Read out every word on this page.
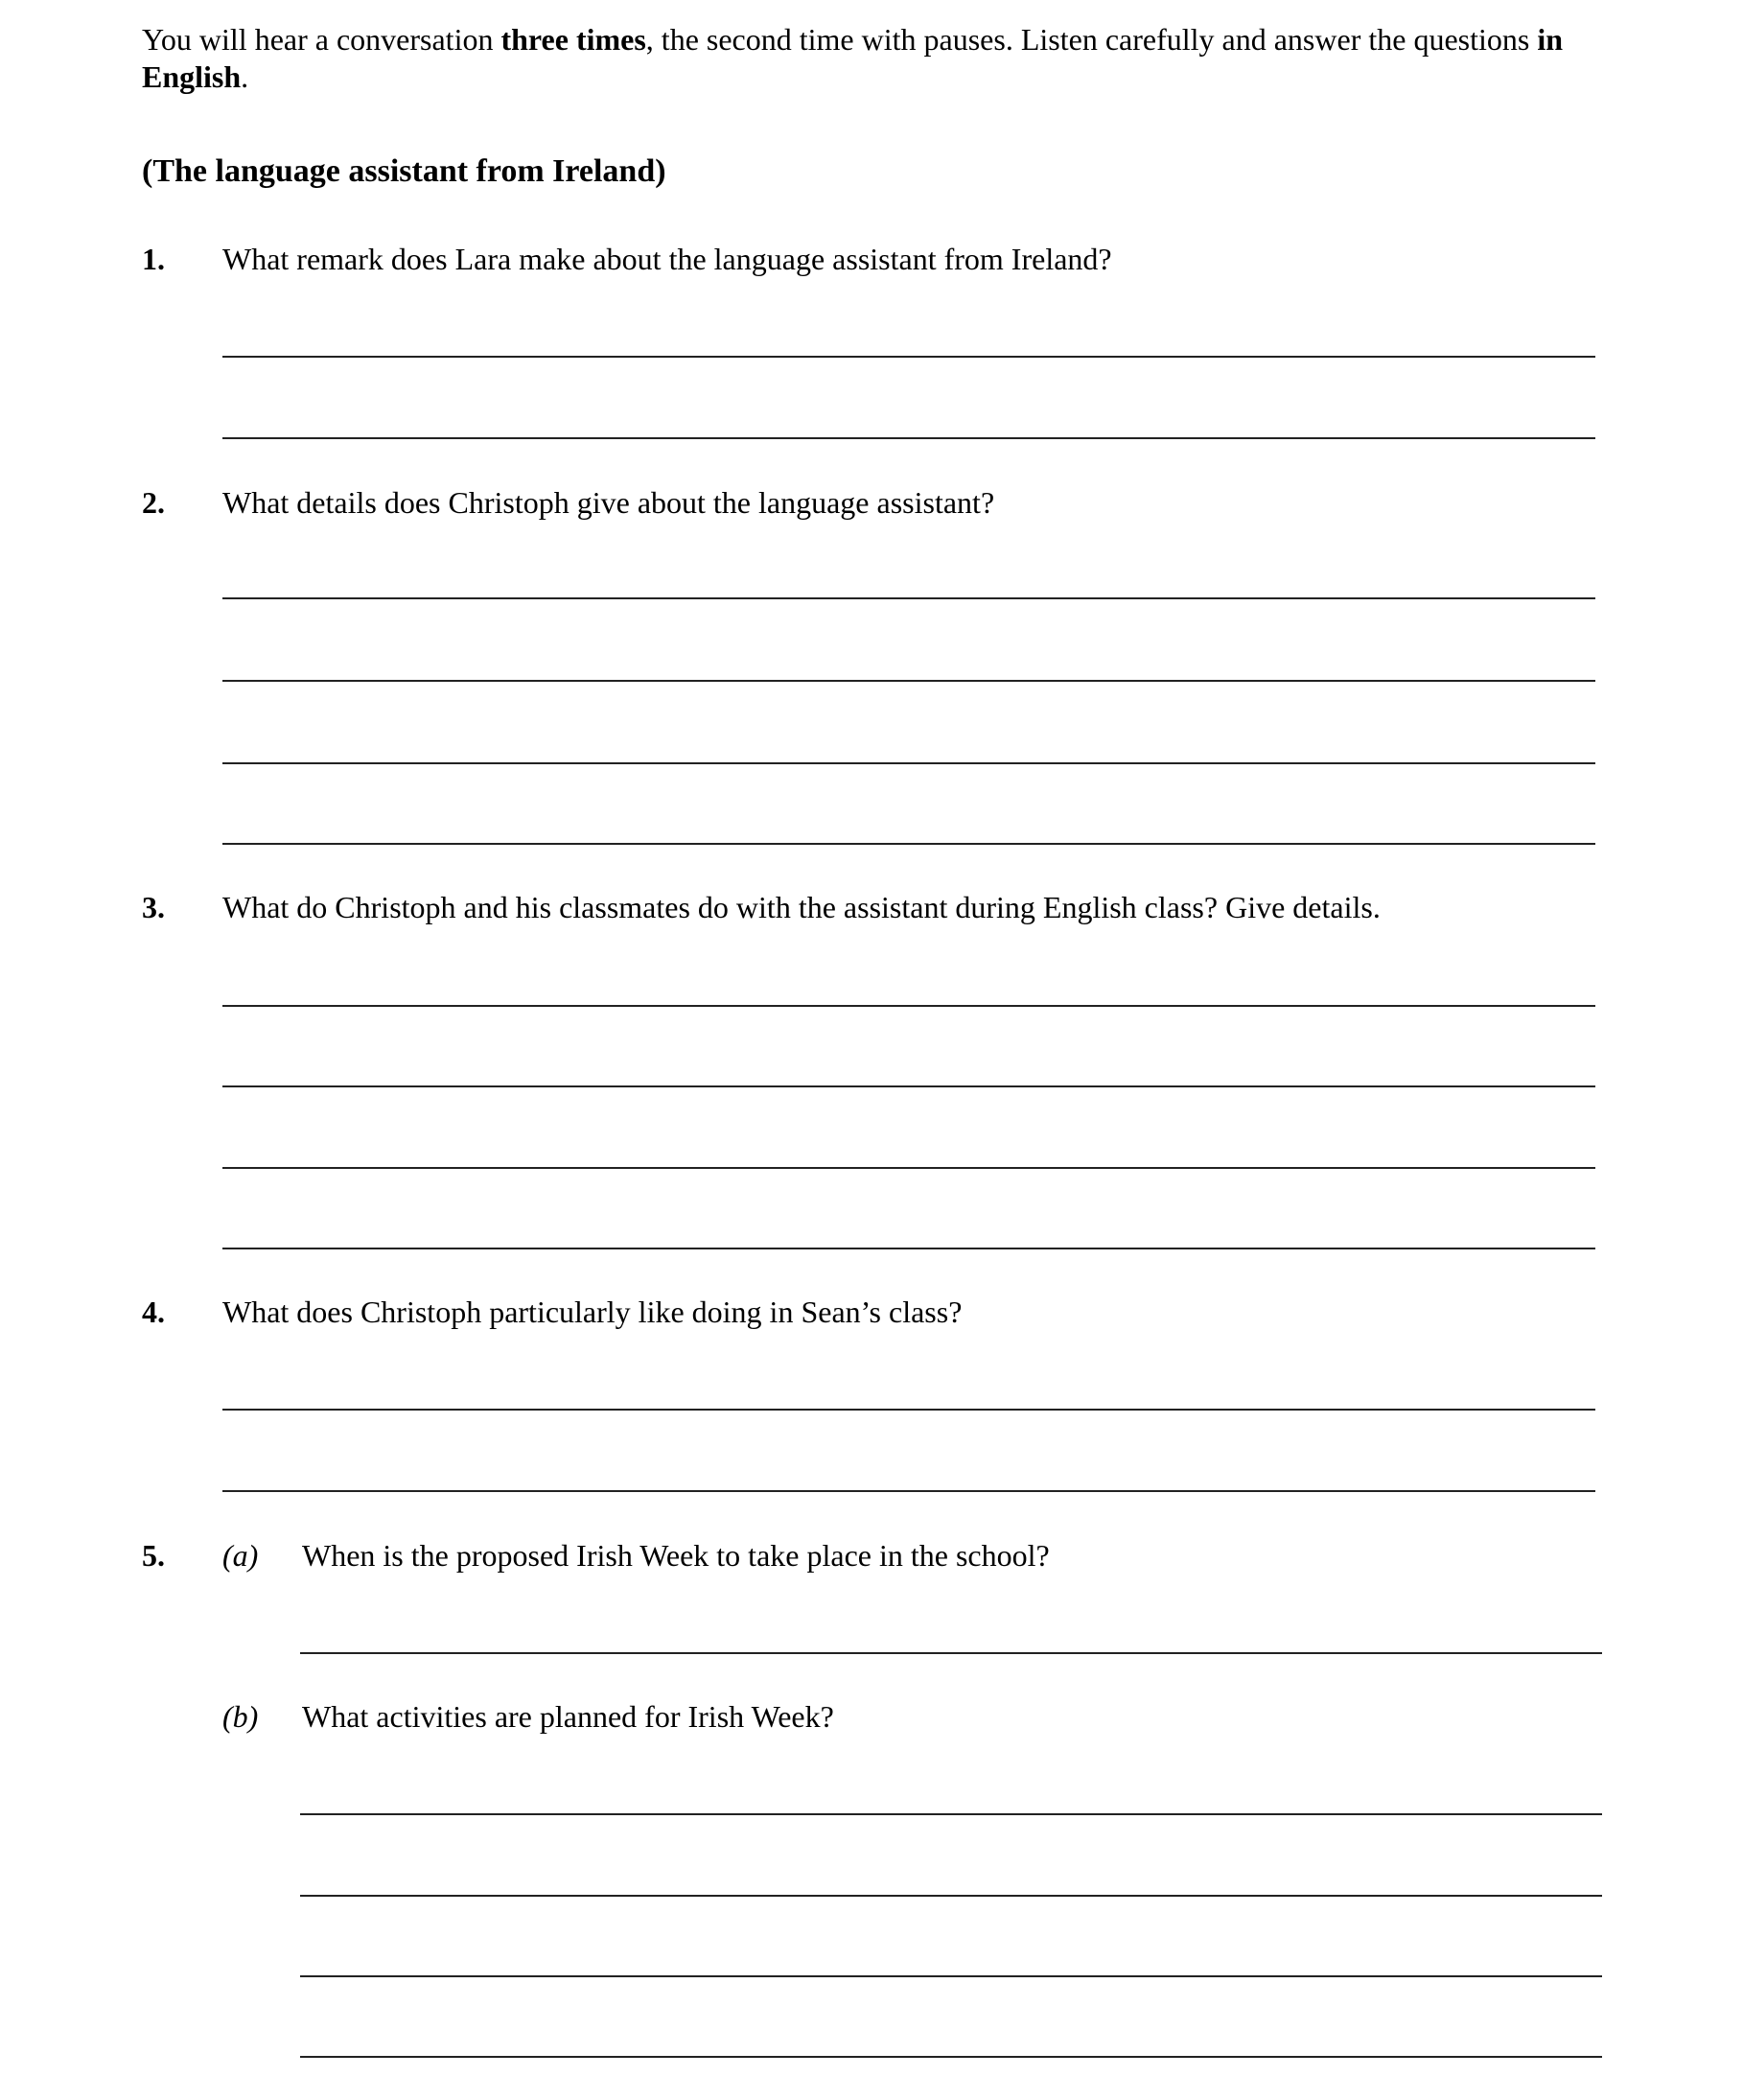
You will hear a conversation three times, the second time with pauses. Listen carefully and answer the questions in English.
(The language assistant from Ireland)
1. What remark does Lara make about the language assistant from Ireland?
2. What details does Christoph give about the language assistant?
3. What do Christoph and his classmates do with the assistant during English class? Give details.
4. What does Christoph particularly like doing in Sean’s class?
5. (a) When is the proposed Irish Week to take place in the school?
(b) What activities are planned for Irish Week?
